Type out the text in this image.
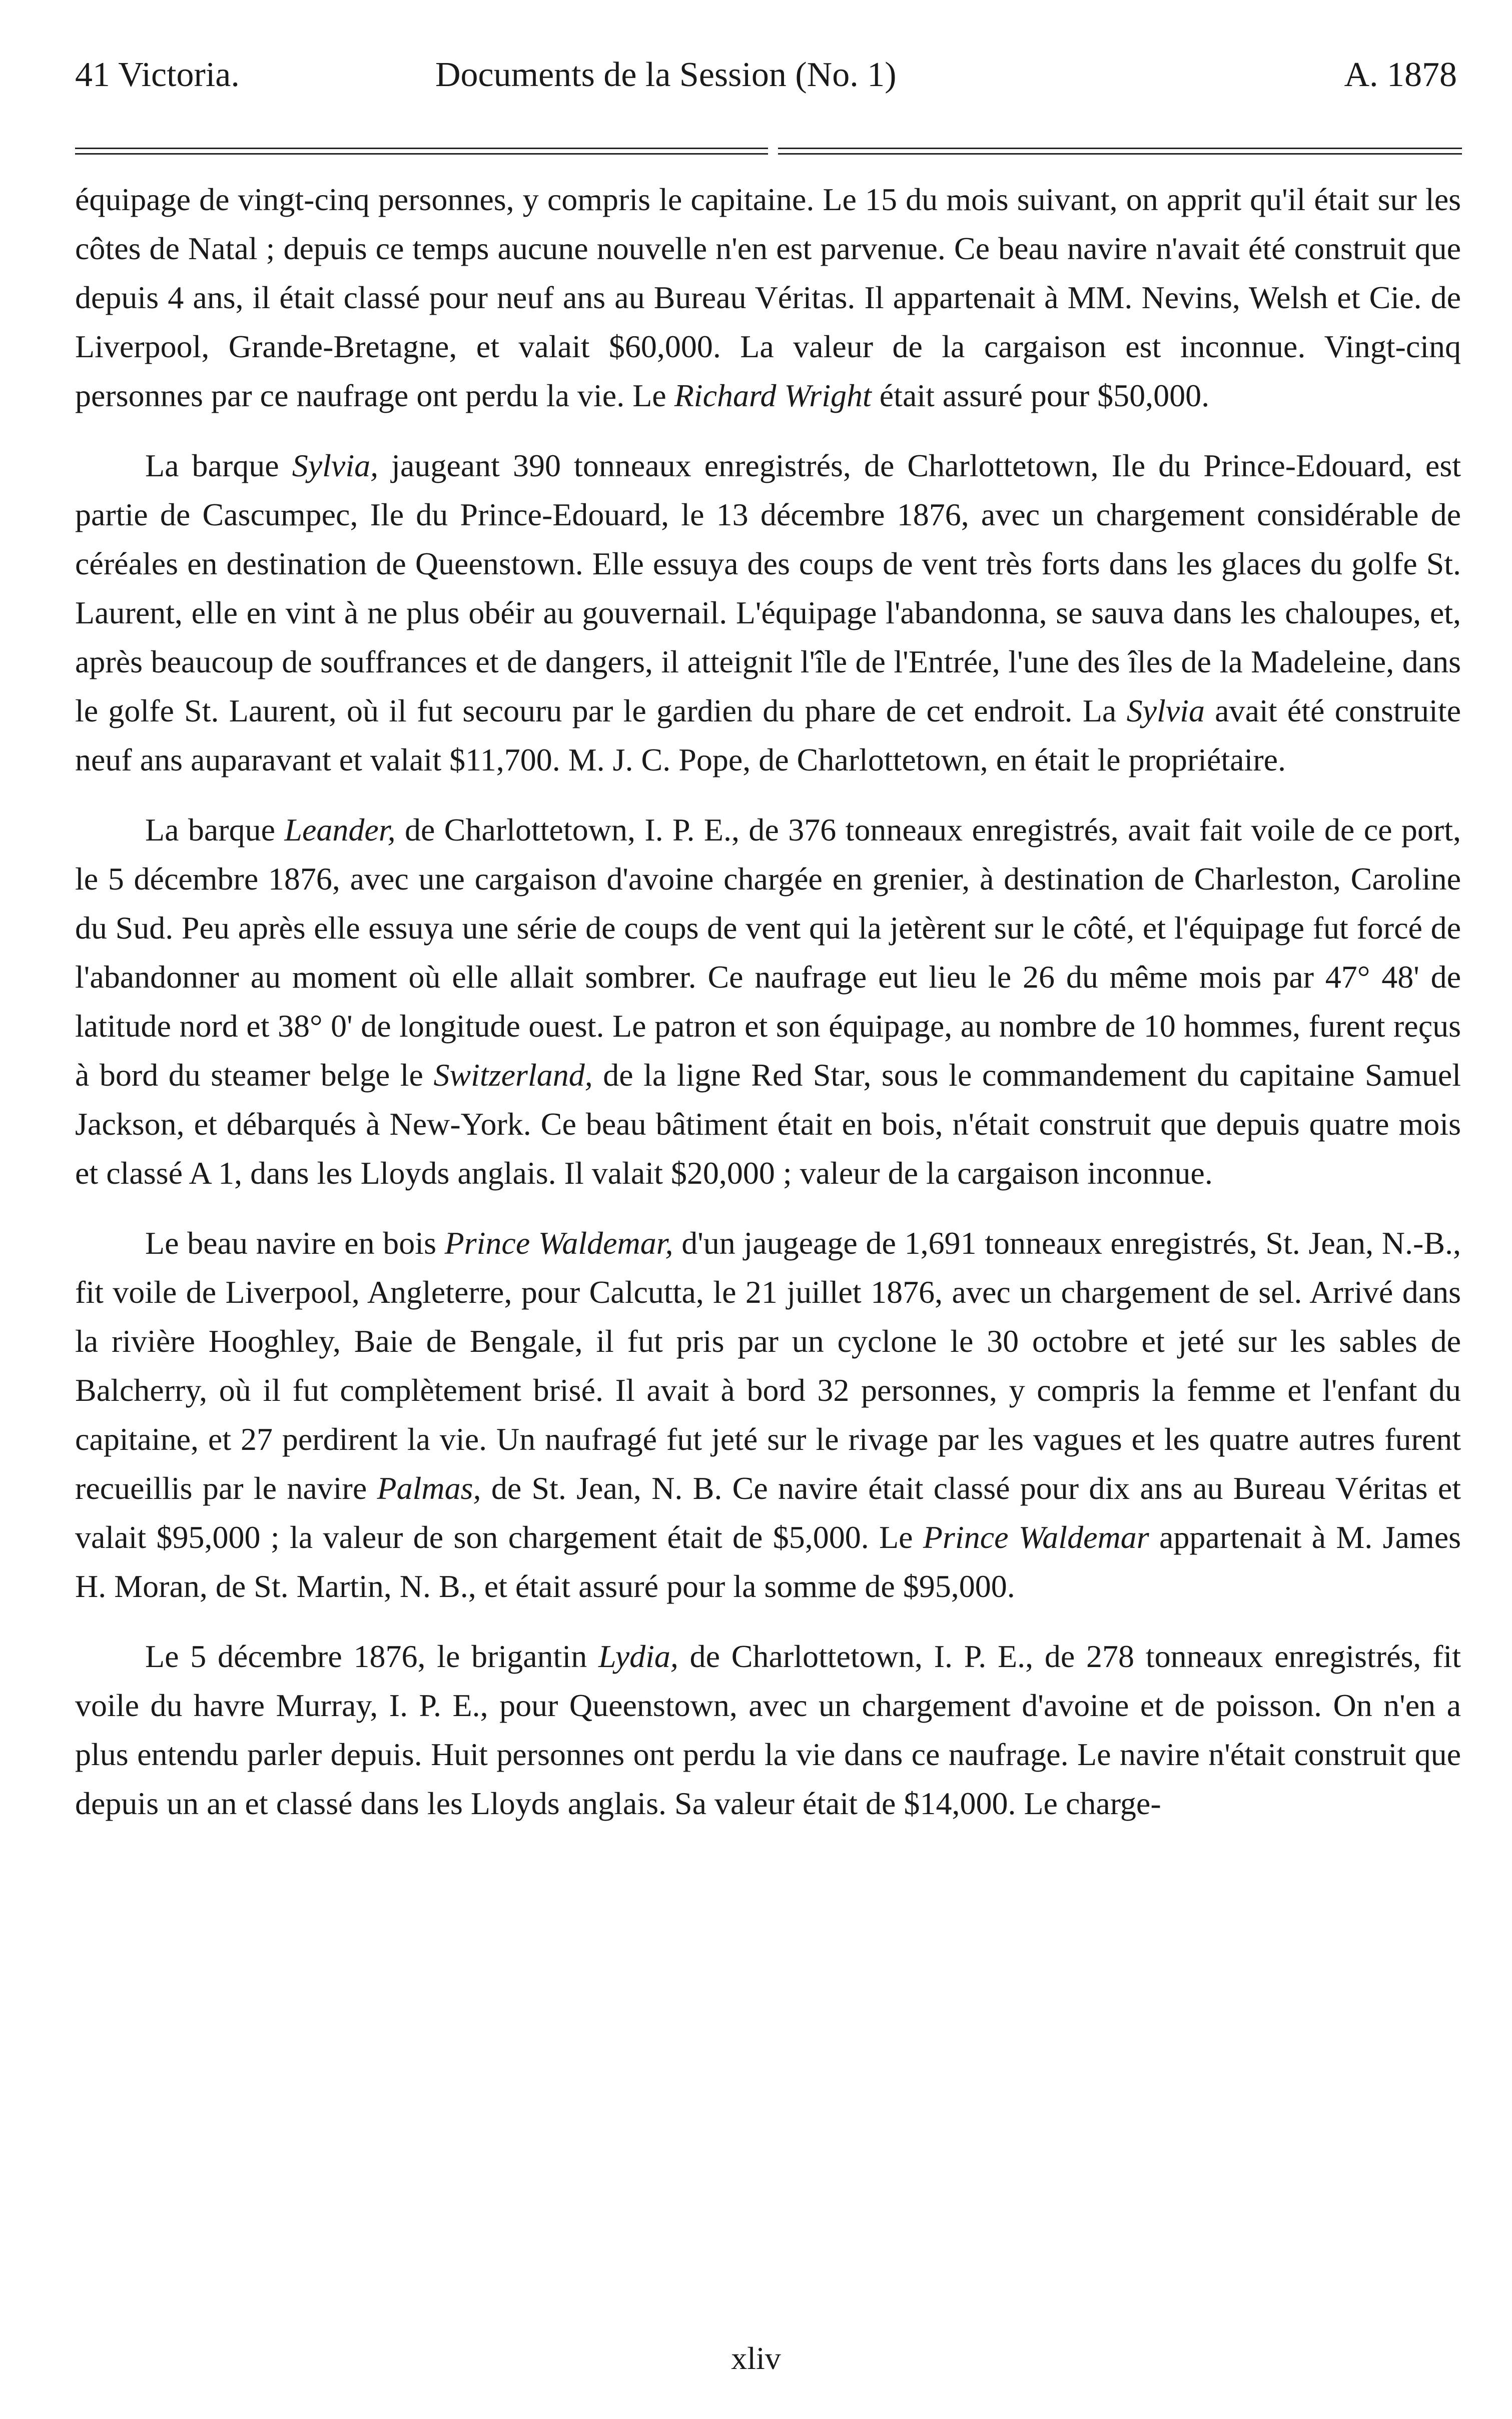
41 Victoria.	Documents de la Session (No. 1)	A. 1878

équipage de vingt-cinq personnes, y compris le capitaine. Le 15 du mois suivant, on apprit qu'il était sur les côtes de Natal ; depuis ce temps aucune nouvelle n'en est parvenue. Ce beau navire n'avait été construit que depuis 4 ans, il était classé pour neuf ans au Bureau Véritas. Il appartenait à MM. Nevins, Welsh et Cie. de Liverpool, Grande-Bretagne, et valait $60,000. La valeur de la cargaison est inconnue. Vingt-cinq personnes par ce naufrage ont perdu la vie. Le Richard Wright était assuré pour $50,000.

La barque Sylvia, jaugeant 390 tonneaux enregistrés, de Charlottetown, Ile du Prince-Edouard, est partie de Cascumpec, Ile du Prince-Edouard, le 13 décembre 1876, avec un chargement considérable de céréales en destination de Queenstown. Elle essuya des coups de vent très forts dans les glaces du golfe St. Laurent, elle en vint à ne plus obéir au gouvernail. L'équipage l'abandonna, se sauva dans les chaloupes, et, après beaucoup de souffrances et de dangers, il atteignit l'île de l'Entrée, l'une des îles de la Madeleine, dans le golfe St. Laurent, où il fut secouru par le gardien du phare de cet endroit. La Sylvia avait été construite neuf ans auparavant et valait $11,700. M. J. C. Pope, de Charlottetown, en était le propriétaire.

La barque Leander, de Charlottetown, I. P. E., de 376 tonneaux enregistrés, avait fait voile de ce port, le 5 décembre 1876, avec une cargaison d'avoine chargée en grenier, à destination de Charleston, Caroline du Sud. Peu après elle essuya une série de coups de vent qui la jetèrent sur le côté, et l'équipage fut forcé de l'abandonner au moment où elle allait sombrer. Ce naufrage eut lieu le 26 du même mois par 47° 48' de latitude nord et 38° 0' de longitude ouest. Le patron et son équipage, au nombre de 10 hommes, furent reçus à bord du steamer belge le Switzerland, de la ligne Red Star, sous le commandement du capitaine Samuel Jackson, et débarqués à New-York. Ce beau bâtiment était en bois, n'était construit que depuis quatre mois et classé A 1, dans les Lloyds anglais. Il valait $20,000 ; valeur de la cargaison inconnue.

Le beau navire en bois Prince Waldemar, d'un jaugeage de 1,691 tonneaux enregistrés, St. Jean, N.-B., fit voile de Liverpool, Angleterre, pour Calcutta, le 21 juillet 1876, avec un chargement de sel. Arrivé dans la rivière Hooghley, Baie de Bengale, il fut pris par un cyclone le 30 octobre et jeté sur les sables de Balcherry, où il fut complètement brisé. Il avait à bord 32 personnes, y compris la femme et l'enfant du capitaine, et 27 perdirent la vie. Un naufragé fut jeté sur le rivage par les vagues et les quatre autres furent recueillis par le navire Palmas, de St. Jean, N. B. Ce navire était classé pour dix ans au Bureau Véritas et valait $95,000 ; la valeur de son chargement était de $5,000. Le Prince Waldemar appartenait à M. James H. Moran, de St. Martin, N. B., et était assuré pour la somme de $95,000.

Le 5 décembre 1876, le brigantin Lydia, de Charlottetown, I. P. E., de 278 tonneaux enregistrés, fit voile du havre Murray, I. P. E., pour Queenstown, avec un chargement d'avoine et de poisson. On n'en a plus entendu parler depuis. Huit personnes ont perdu la vie dans ce naufrage. Le navire n'était construit que depuis un an et classé dans les Lloyds anglais. Sa valeur était de $14,000. Le charge-

xliv
